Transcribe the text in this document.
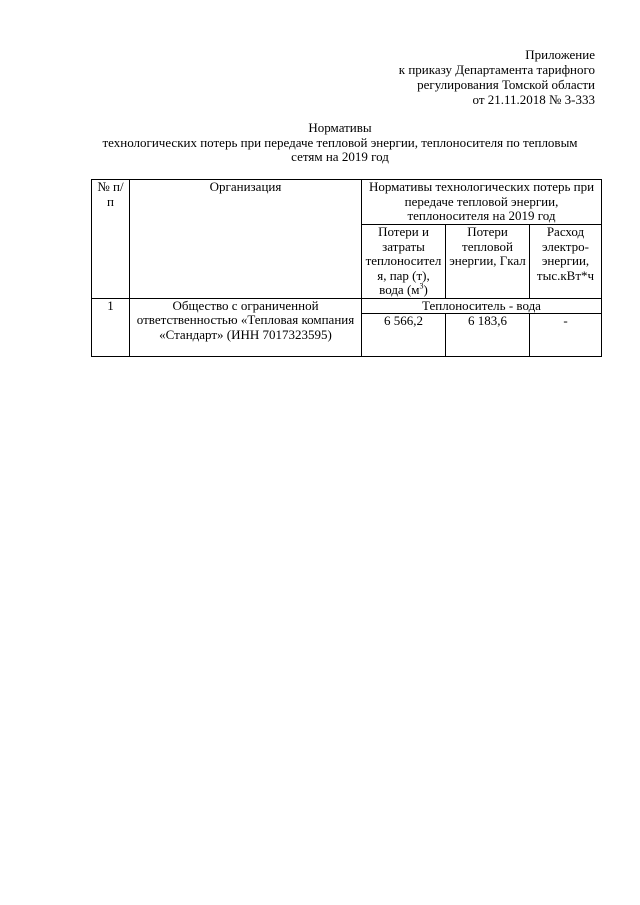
Приложение
к приказу Департамента тарифного
регулирования Томской области
от 21.11.2018 № 3-333
Нормативы
технологических потерь при передаче тепловой энергии, теплоносителя по тепловым
сетям на 2019 год
№ п/п	Организация	Нормативы технологических потерь при передаче тепловой энергии, теплоносителя на 2019 год		
		Потери и затраты теплоносител я, пар (т), вода $(м^3)$	Потери тепловой энергии, Гкал	Расход электро-энергии, тыс.кВт*ч
1	Общество с ограниченной ответственностью «Тепловая компания «Стандарт» (ИНН 7017323595)	Теплоноситель - вода		
		6 566,2	6 183,6	-
